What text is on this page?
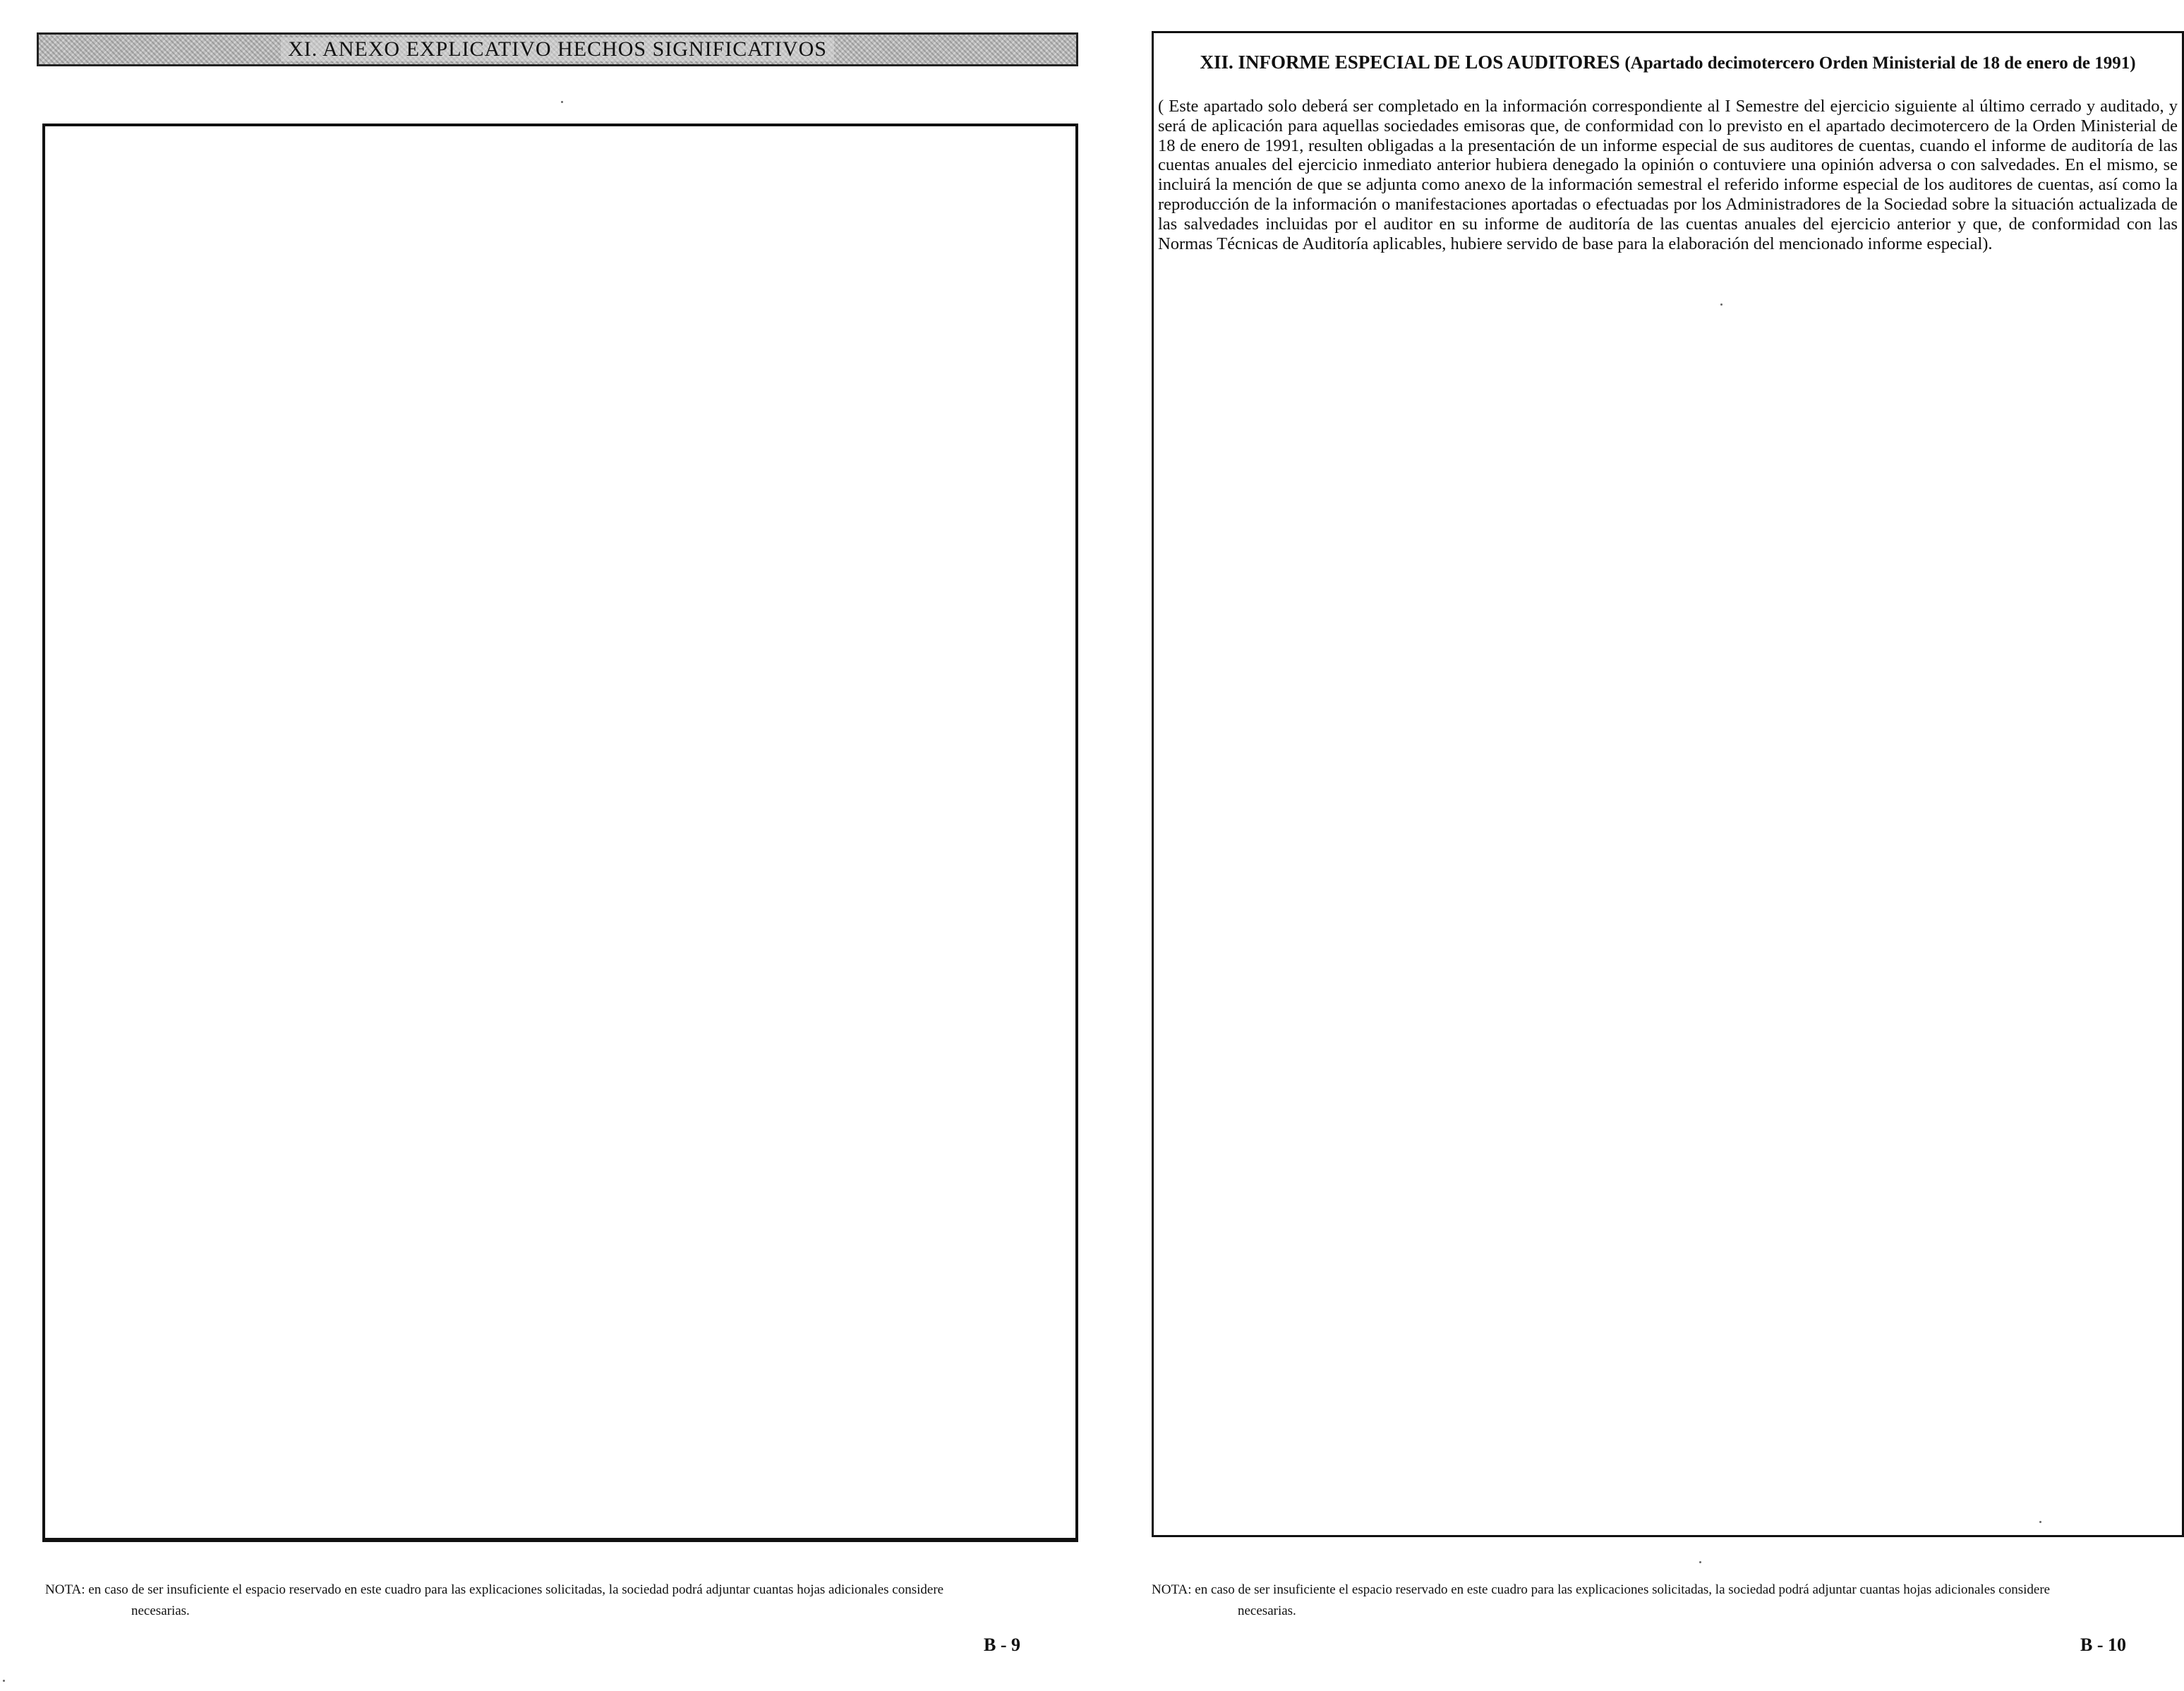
XI. ANEXO EXPLICATIVO HECHOS SIGNIFICATIVOS
NOTA: en caso de ser insuficiente el espacio reservado en este cuadro para las explicaciones solicitadas, la sociedad podrá adjuntar cuantas hojas adicionales considere
necesarias.
B - 9
XII. INFORME ESPECIAL DE LOS AUDITORES (Apartado decimotercero Orden Ministerial de 18 de enero de 1991)
( Este apartado solo deberá ser completado en la información correspondiente al I Semestre del ejercicio siguiente al último cerrado y auditado, y será de aplicación para aquellas sociedades emisoras que, de conformidad con lo previsto en el apartado decimotercero de la Orden Ministerial de 18 de enero de 1991, resulten obligadas a la presentación de un informe especial de sus auditores de cuentas, cuando el informe de auditoría de las cuentas anuales del ejercicio inmediato anterior hubiera denegado la opinión o contuviere una opinión adversa o con salvedades. En el mismo, se incluirá la mención de que se adjunta como anexo de la información semestral el referido informe especial de los auditores de cuentas, así como la reproducción de la información o manifestaciones aportadas o efectuadas por los Administradores de la Sociedad sobre la situación actualizada de las salvedades incluidas por el auditor en su informe de auditoría de las cuentas anuales del ejercicio anterior y que, de conformidad con las Normas Técnicas de Auditoría aplicables, hubiere servido de base para la elaboración del mencionado informe especial).
NOTA: en caso de ser insuficiente el espacio reservado en este cuadro para las explicaciones solicitadas, la sociedad podrá adjuntar cuantas hojas adicionales considere
necesarias.
B - 10
